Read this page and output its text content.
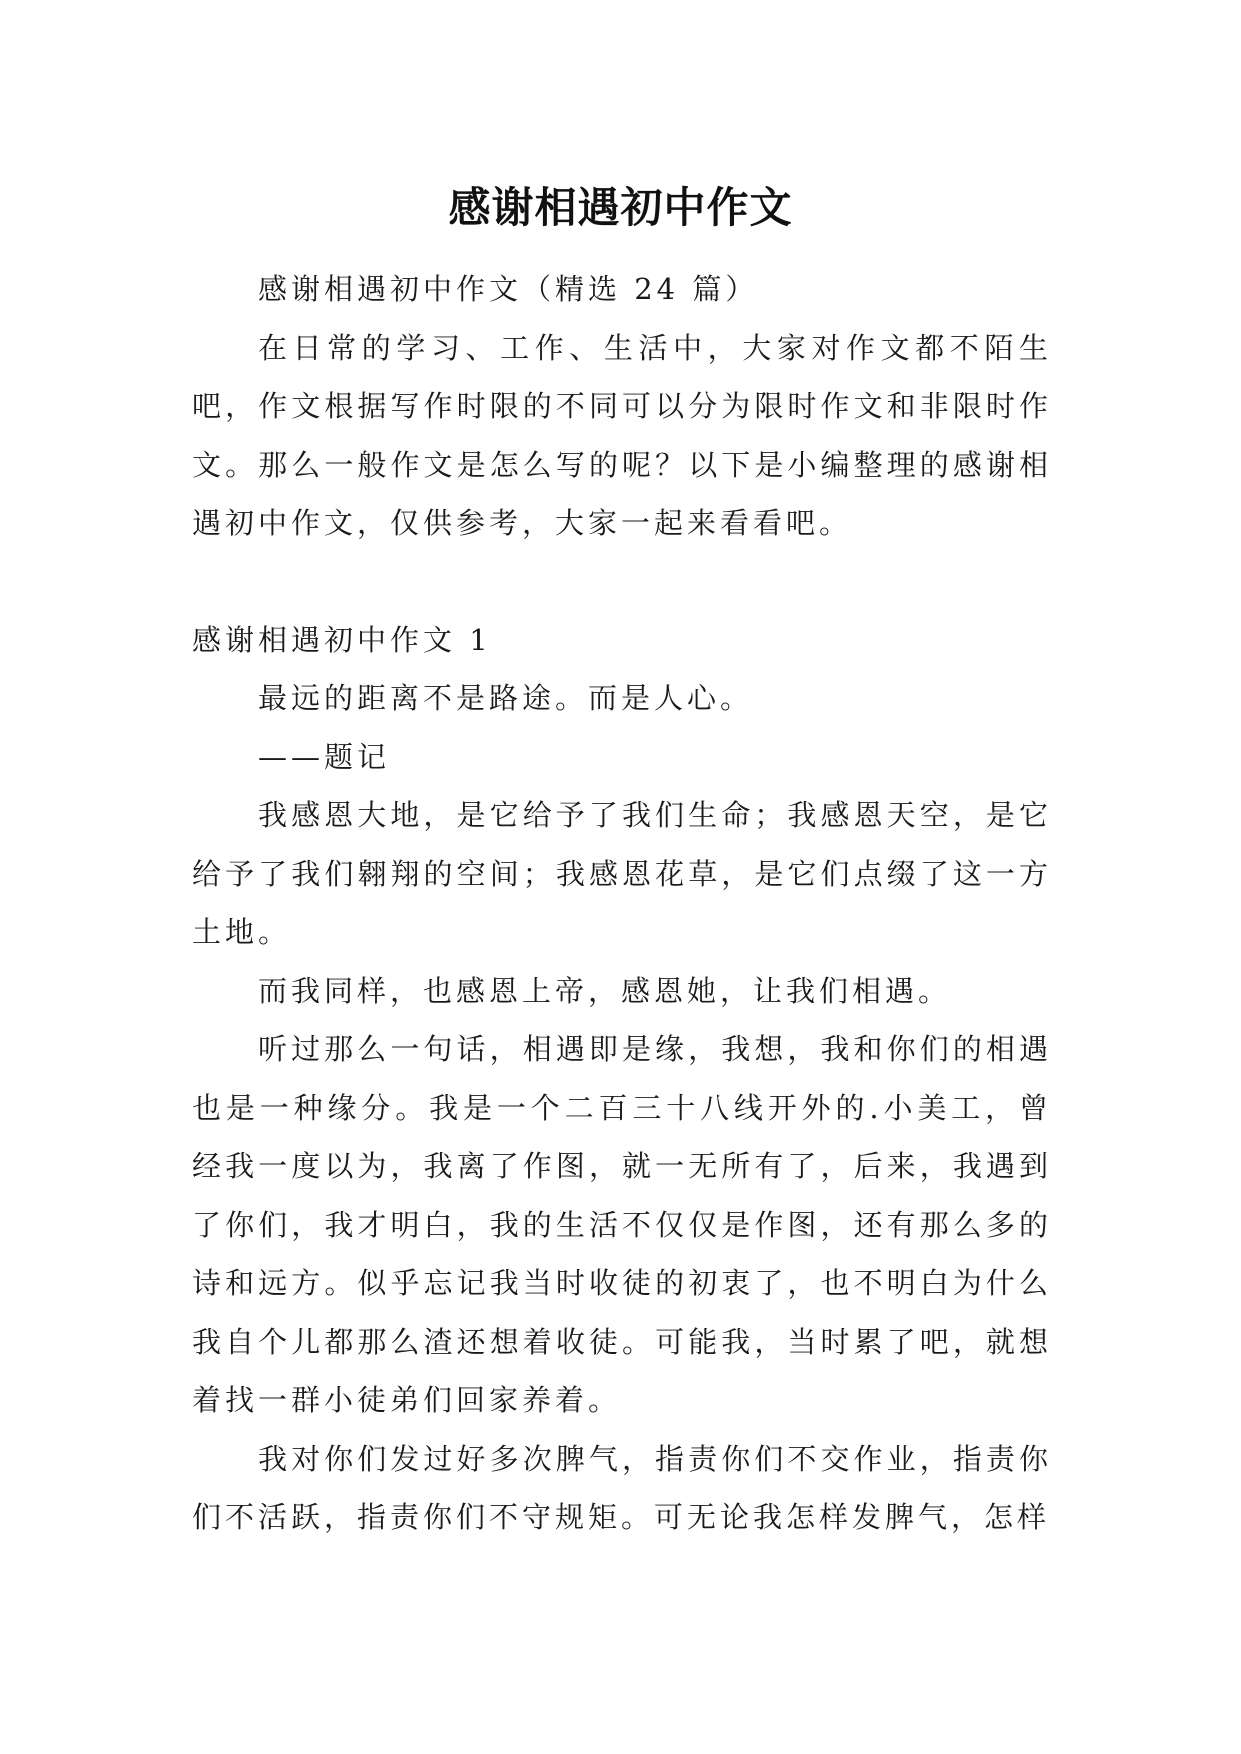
感谢相遇初中作文

感谢相遇初中作文（精选 24 篇）

在日常的学习、工作、生活中，大家对作文都不陌生吧，作文根据写作时限的不同可以分为限时作文和非限时作文。那么一般作文是怎么写的呢？以下是小编整理的感谢相遇初中作文，仅供参考，大家一起来看看吧。

感谢相遇初中作文 1

最远的距离不是路途。而是人心。

——题记

我感恩大地，是它给予了我们生命；我感恩天空，是它给予了我们翱翔的空间；我感恩花草，是它们点缀了这一方土地。

而我同样，也感恩上帝，感恩她，让我们相遇。

听过那么一句话，相遇即是缘，我想，我和你们的相遇也是一种缘分。我是一个二百三十八线开外的.小美工，曾经我一度以为，我离了作图，就一无所有了，后来，我遇到了你们，我才明白，我的生活不仅仅是作图，还有那么多的诗和远方。似乎忘记我当时收徒的初衷了，也不明白为什么我自个儿都那么渣还想着收徒。可能我，当时累了吧，就想着找一群小徒弟们回家养着。

我对你们发过好多次脾气，指责你们不交作业，指责你们不活跃，指责你们不守规矩。可无论我怎样发脾气，怎样
